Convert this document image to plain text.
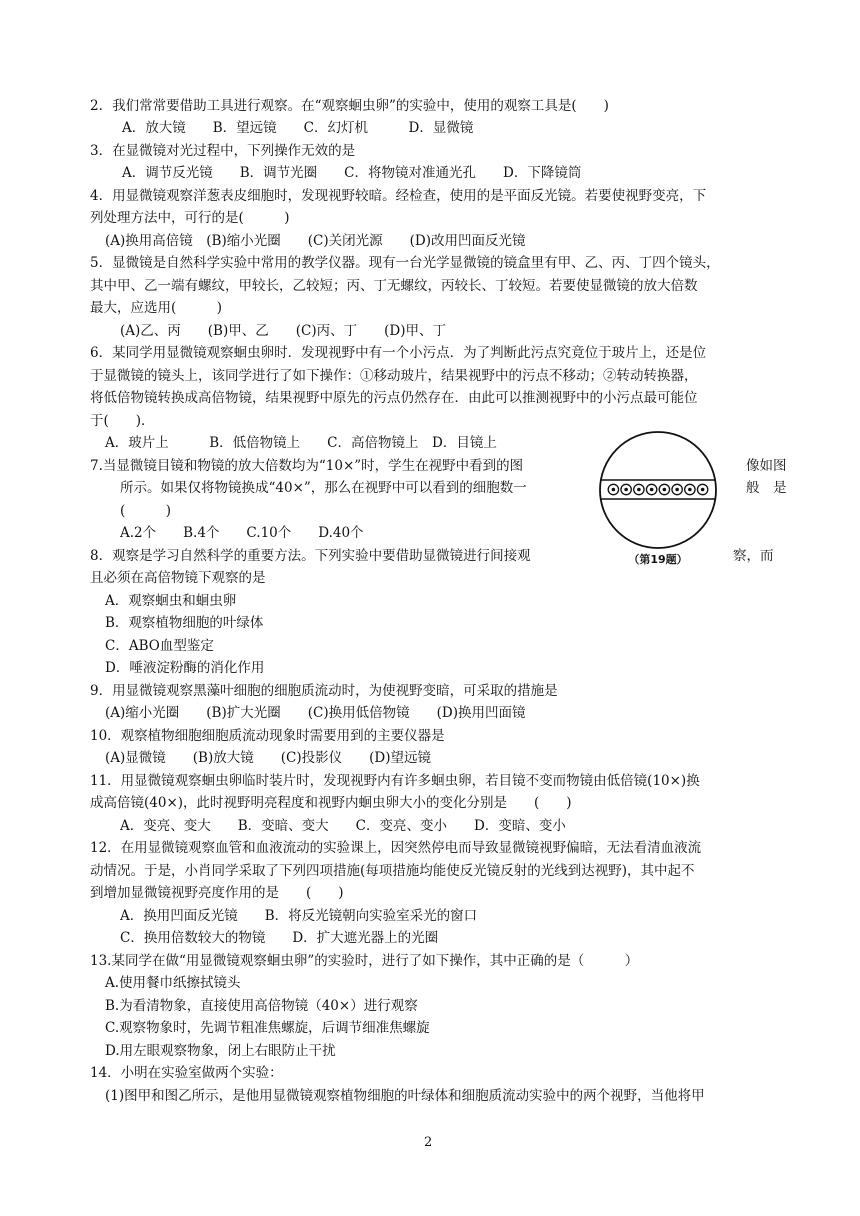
2．我们常常要借助工具进行观察。在“观察蛔虫卵”的实验中，使用的观察工具是(　　)
A．放大镜　　B．望远镜　　C．幻灯机　　　D．显微镜
3．在显微镜对光过程中，下列操作无效的是
A．调节反光镜　　B．调节光圈　　C．将物镜对准通光孔　　D．下降镜筒
4．用显微镜观察洋葱表皮细胞时，发现视野较暗。经检查，使用的是平面反光镜。若要使视野变亮，下
列处理方法中，可行的是(　　　)
(A)换用高倍镜　(B)缩小光圈　　(C)关闭光源　　(D)改用凹面反光镜
5．显微镜是自然科学实验中常用的教学仪器。现有一台光学显微镜的镜盒里有甲、乙、丙、丁四个镜头，
其中甲、乙一端有螺纹，甲较长，乙较短；丙、丁无螺纹，丙较长、丁较短。若要使显微镜的放大倍数
最大，应选用(　　　)
(A)乙、丙　　(B)甲、乙　　(C)丙、丁　　(D)甲、丁
6．某同学用显微镜观察蛔虫卵时．发现视野中有一个小污点．为了判断此污点究竟位于玻片上，还是位
于显微镜的镜头上，该同学进行了如下操作：①移动玻片，结果视野中的污点不移动；②转动转换器，
将低倍物镜转换成高倍物镜，结果视野中原先的污点仍然存在．由此可以推测视野中的小污点最可能位
于(　　)．
A．玻片上　　　B．低倍物镜上　　C．高倍物镜上　D．目镜上
7.当显微镜目镜和物镜的放大倍数均为“10×”时，学生在视野中看到的图	像如图
所示。如果仅将物镜换成“40×”，那么在视野中可以看到的细胞数一	般　是
(　　　)
A.2个　　B.4个　　C.10个　　D.40个
8．观察是学习自然科学的重要方法。下列实验中要借助显微镜进行间接观	察，而
且必须在高倍物镜下观察的是
A．观察蛔虫和蛔虫卵
B．观察植物细胞的叶绿体
C．ABO血型鉴定
D．唾液淀粉酶的消化作用
9．用显微镜观察黑藻叶细胞的细胞质流动时，为使视野变暗，可采取的措施是
(A)缩小光圈　　(B)扩大光圈　　(C)换用低倍物镜　　(D)换用凹面镜
10．观察植物细胞细胞质流动现象时需要用到的主要仪器是
(A)显微镜　　(B)放大镜　　(C)投影仪　　(D)望远镜
11．用显微镜观察蛔虫卵临时装片时，发现视野内有许多蛔虫卵，若目镜不变而物镜由低倍镜(10×)换
成高倍镜(40×)，此时视野明亮程度和视野内蛔虫卵大小的变化分别是　　(　　)
A．变亮、变大　　B．变暗、变大　　C．变亮、变小　　D．变暗、变小
12．在用显微镜观察血管和血液流动的实验课上，因突然停电而导致显微镜视野偏暗，无法看清血液流
动情况。于是，小肖同学采取了下列四项措施(每项措施均能使反光镜反射的光线到达视野)，其中起不
到增加显微镜视野亮度作用的是　　(　　)
A．换用凹面反光镜　　B．将反光镜朝向实验室采光的窗口
C．换用倍数较大的物镜　　D．扩大遮光器上的光圈
13.某同学在做“用显微镜观察蛔虫卵”的实验时，进行了如下操作，其中正确的是（　　　）
A.使用餐巾纸擦拭镜头
B.为看清物象，直接使用高倍物镜（40×）进行观察
C.观察物象时，先调节粗准焦螺旋，后调节细准焦螺旋
D.用左眼观察物象，闭上右眼防止干扰
14．小明在实验室做两个实验：
(1)图甲和图乙所示，是他用显微镜观察植物细胞的叶绿体和细胞质流动实验中的两个视野，当他将甲
（第19题）
2
